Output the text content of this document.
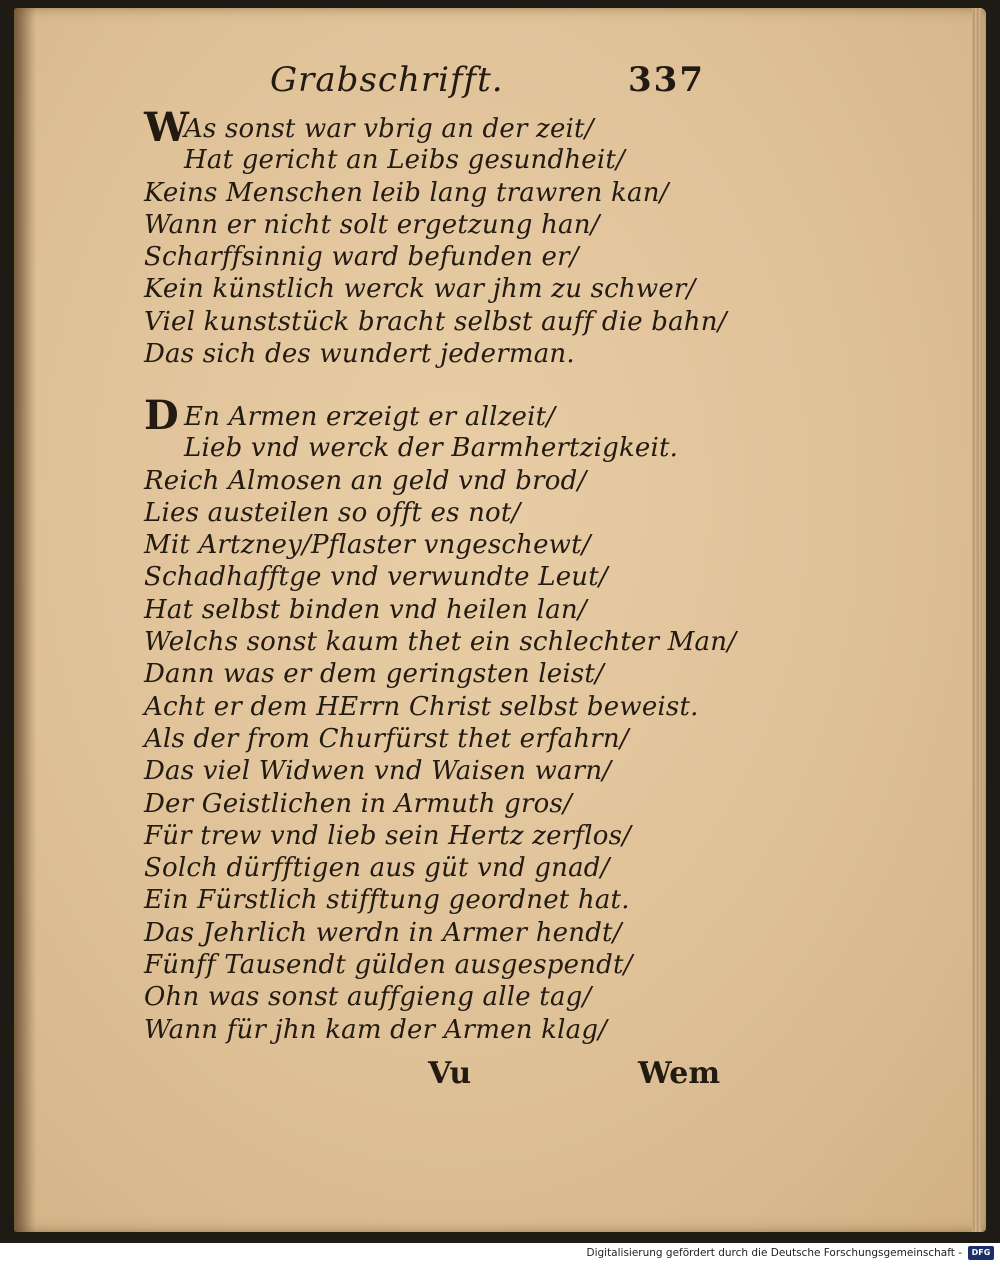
Grabschrifft.	337
WAs sonst war vbrig an der zeit/
Hat gericht an Leibs gesundheit/
Keins Menschen leib lang trawren kan/
Wann er nicht solt ergetzung han/
Scharffsinnig ward befunden er/
Kein künstlich werck war jhm zu schwer/
Viel kunststück bracht selbst auff die bahn/
Das sich des wundert jederman.
D En Armen erzeigt er allzeit/
Lieb vnd werck der Barmhertzigkeit.
Reich Almosen an geld vnd brod/
Lies austeilen so offt es not/
Mit Artzney/Pflaster vngeschewt/
Schadhafftge vnd verwundte Leut/
Hat selbst binden vnd heilen lan/
Welchs sonst kaum thet ein schlechter Man/
Dann was er dem geringsten leist/
Acht er dem HErrn Christ selbst beweist.
Als der from Churfürst thet erfahrn/
Das viel Widwen vnd Waisen warn/
Der Geistlichen in Armuth gros/
Für trew vnd lieb sein Hertz zerflos/
Solch dürfftigen aus güt vnd gnad/
Ein Fürstlich stifftung geordnet hat.
Das Jehrlich werdn in Armer hendt/
Fünff Tausendt gülden ausgespendt/
Ohn was sonst auffgieng alle tag/
Wann für jhn kam der Armen klag/
Vu	Wem
Digitalisierung gefördert durch die Deutsche Forschungsgemeinschaft -	DFG
